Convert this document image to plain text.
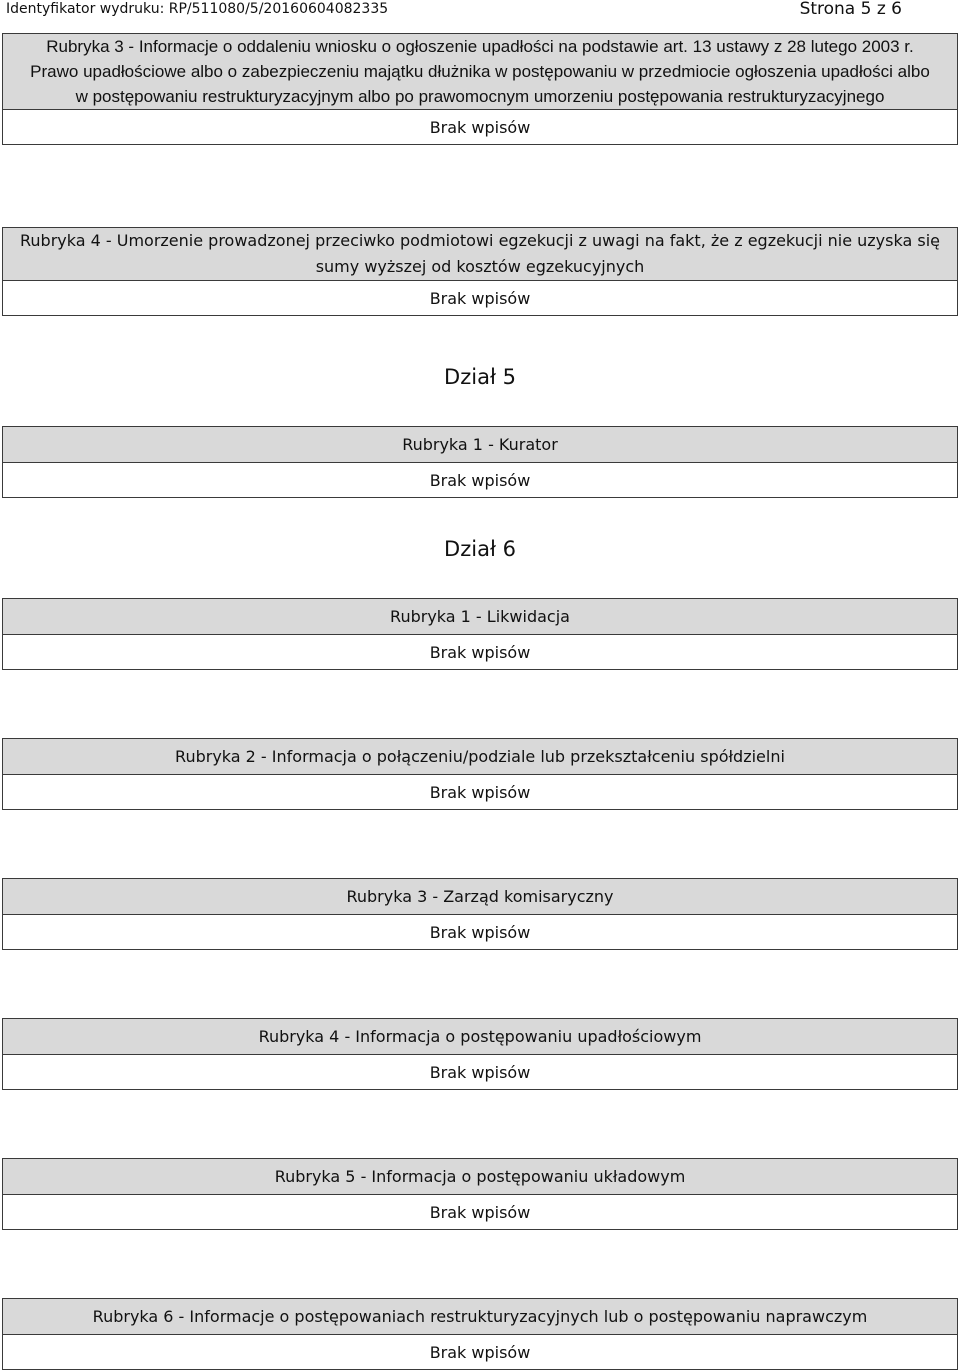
Identyfikator wydruku: RP/511080/5/20160604082335	Strona 5 z 6
Rubryka 3 - Informacje o oddaleniu wniosku o ogłoszenie upadłości na podstawie art. 13 ustawy z 28 lutego 2003 r.
Prawo upadłościowe albo o zabezpieczeniu majątku dłużnika w postępowaniu w przedmiocie ogłoszenia upadłości albo
w postępowaniu restrukturyzacyjnym albo po prawomocnym umorzeniu postępowania restrukturyzacyjnego
Brak wpisów
Rubryka 4 - Umorzenie prowadzonej przeciwko podmiotowi egzekucji z uwagi na fakt, że z egzekucji nie uzyska się
sumy wyższej od kosztów egzekucyjnych
Brak wpisów
Dział 5
Rubryka 1 - Kurator
Brak wpisów
Dział 6
Rubryka 1 - Likwidacja
Brak wpisów
Rubryka 2 - Informacja o połączeniu/podziale lub przekształceniu spółdzielni
Brak wpisów
Rubryka 3 - Zarząd komisaryczny
Brak wpisów
Rubryka 4 - Informacja o postępowaniu upadłościowym
Brak wpisów
Rubryka 5 - Informacja o postępowaniu układowym
Brak wpisów
Rubryka 6 - Informacje o postępowaniach restrukturyzacyjnych lub o postępowaniu naprawczym
Brak wpisów
